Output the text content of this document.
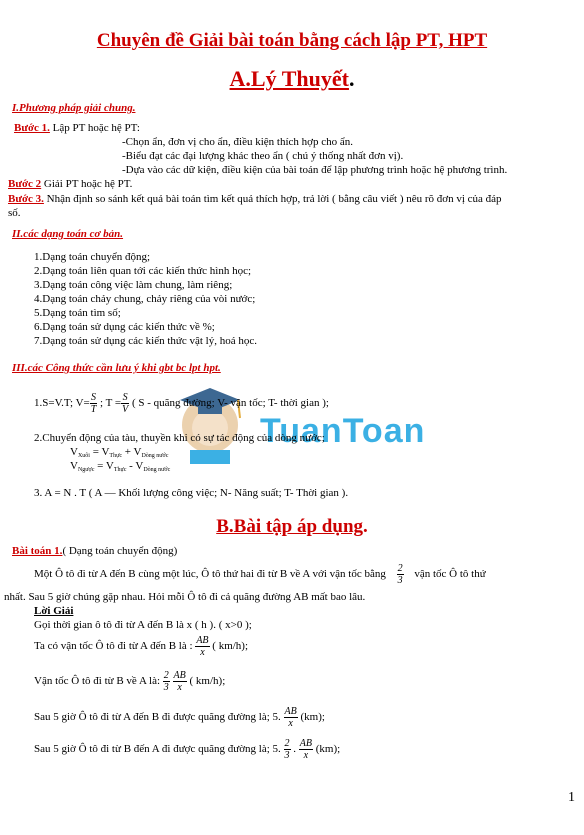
Chuyên đề Giải bài toán bằng cách lập PT, HPT
A.Lý Thuyết.
I.Phương pháp giải chung.
Bước 1. Lập PT hoặc hệ PT:
-Chọn ẩn, đơn vị cho ẩn, điều kiện thích hợp cho ẩn.
-Biểu đạt các đại lượng khác theo ẩn ( chú ý thống nhất đơn vị).
-Dựa vào các dữ kiện, điều kiện của bài toán để lập phương trình hoặc hệ phương trình.
Bước 2 Giải PT hoặc hệ PT.
Bước 3. Nhận định so sánh kết quả bài toán tìm kết quả thích hợp, trả lời ( bằng câu viết ) nêu rõ đơn vị của đáp
số.
II.các dạng toán cơ bản.
1.Dạng toán chuyển động;
2.Dạng toán liên quan tới các kiến thức hình học;
3.Dạng toán công việc làm chung, làm riêng;
4.Dạng toán chảy chung, chảy riêng của vòi nước;
5.Dạng toán tìm số;
6.Dạng toán sử dụng các kiến thức về %;
7.Dạng toán sử dụng các kiến thức vật lý, hoá học.
III.các Công thức cần lưu ý khi gbt bc lpt hpt.
TuanToan
1.S=V.T; $V= \frac{S}{T}$ ; $T = \frac{S}{V}$ ( S - quãng đường; V- vận tốc; T- thời gian );
2.Chuyển động của tàu, thuyền khi có sự tác động của dòng nước;
$V_{Xuôi} = V_{Thực} + V_{Dòng nước}$
$V_{Ngược} = V_{Thực} - V_{Dòng nước}$
3. A = N . T ( A — Khối lượng công việc; N- Năng suất; T- Thời gian ).
B.Bài tập áp dụng.
Bài toán 1.( Dạng toán chuyển động)
Một Ô tô đi từ A đến B cùng một lúc, Ô tô thứ hai đi từ B về A với vận tốc bằng $\frac{2}{3}$ vận tốc Ô tô thứ
nhất. Sau 5 giờ chúng gặp nhau. Hỏi mỗi Ô tô đi cả quãng đường AB mất bao lâu.
Lời Giải
Gọi thời gian ô tô đi từ A đến B là x ( h ). ( x>0 );
Ta có vận tốc Ô tô đi từ A đến B là : $\frac{AB}{x}$ ( km/h);
Vận tốc Ô tô đi từ B về A là: $\frac{2}{3}$
$\frac{AB}{x}$ ( km/h);
Sau 5 giờ Ô tô đi từ A đến B đi được quãng đường là; 5. $\frac{AB}{x} (km)$;
Sau 5 giờ Ô tô đi từ B đến A đi được quãng đường là; 5. $\frac{2}{3}$ . $\frac{AB}{x} (km)$;
1
